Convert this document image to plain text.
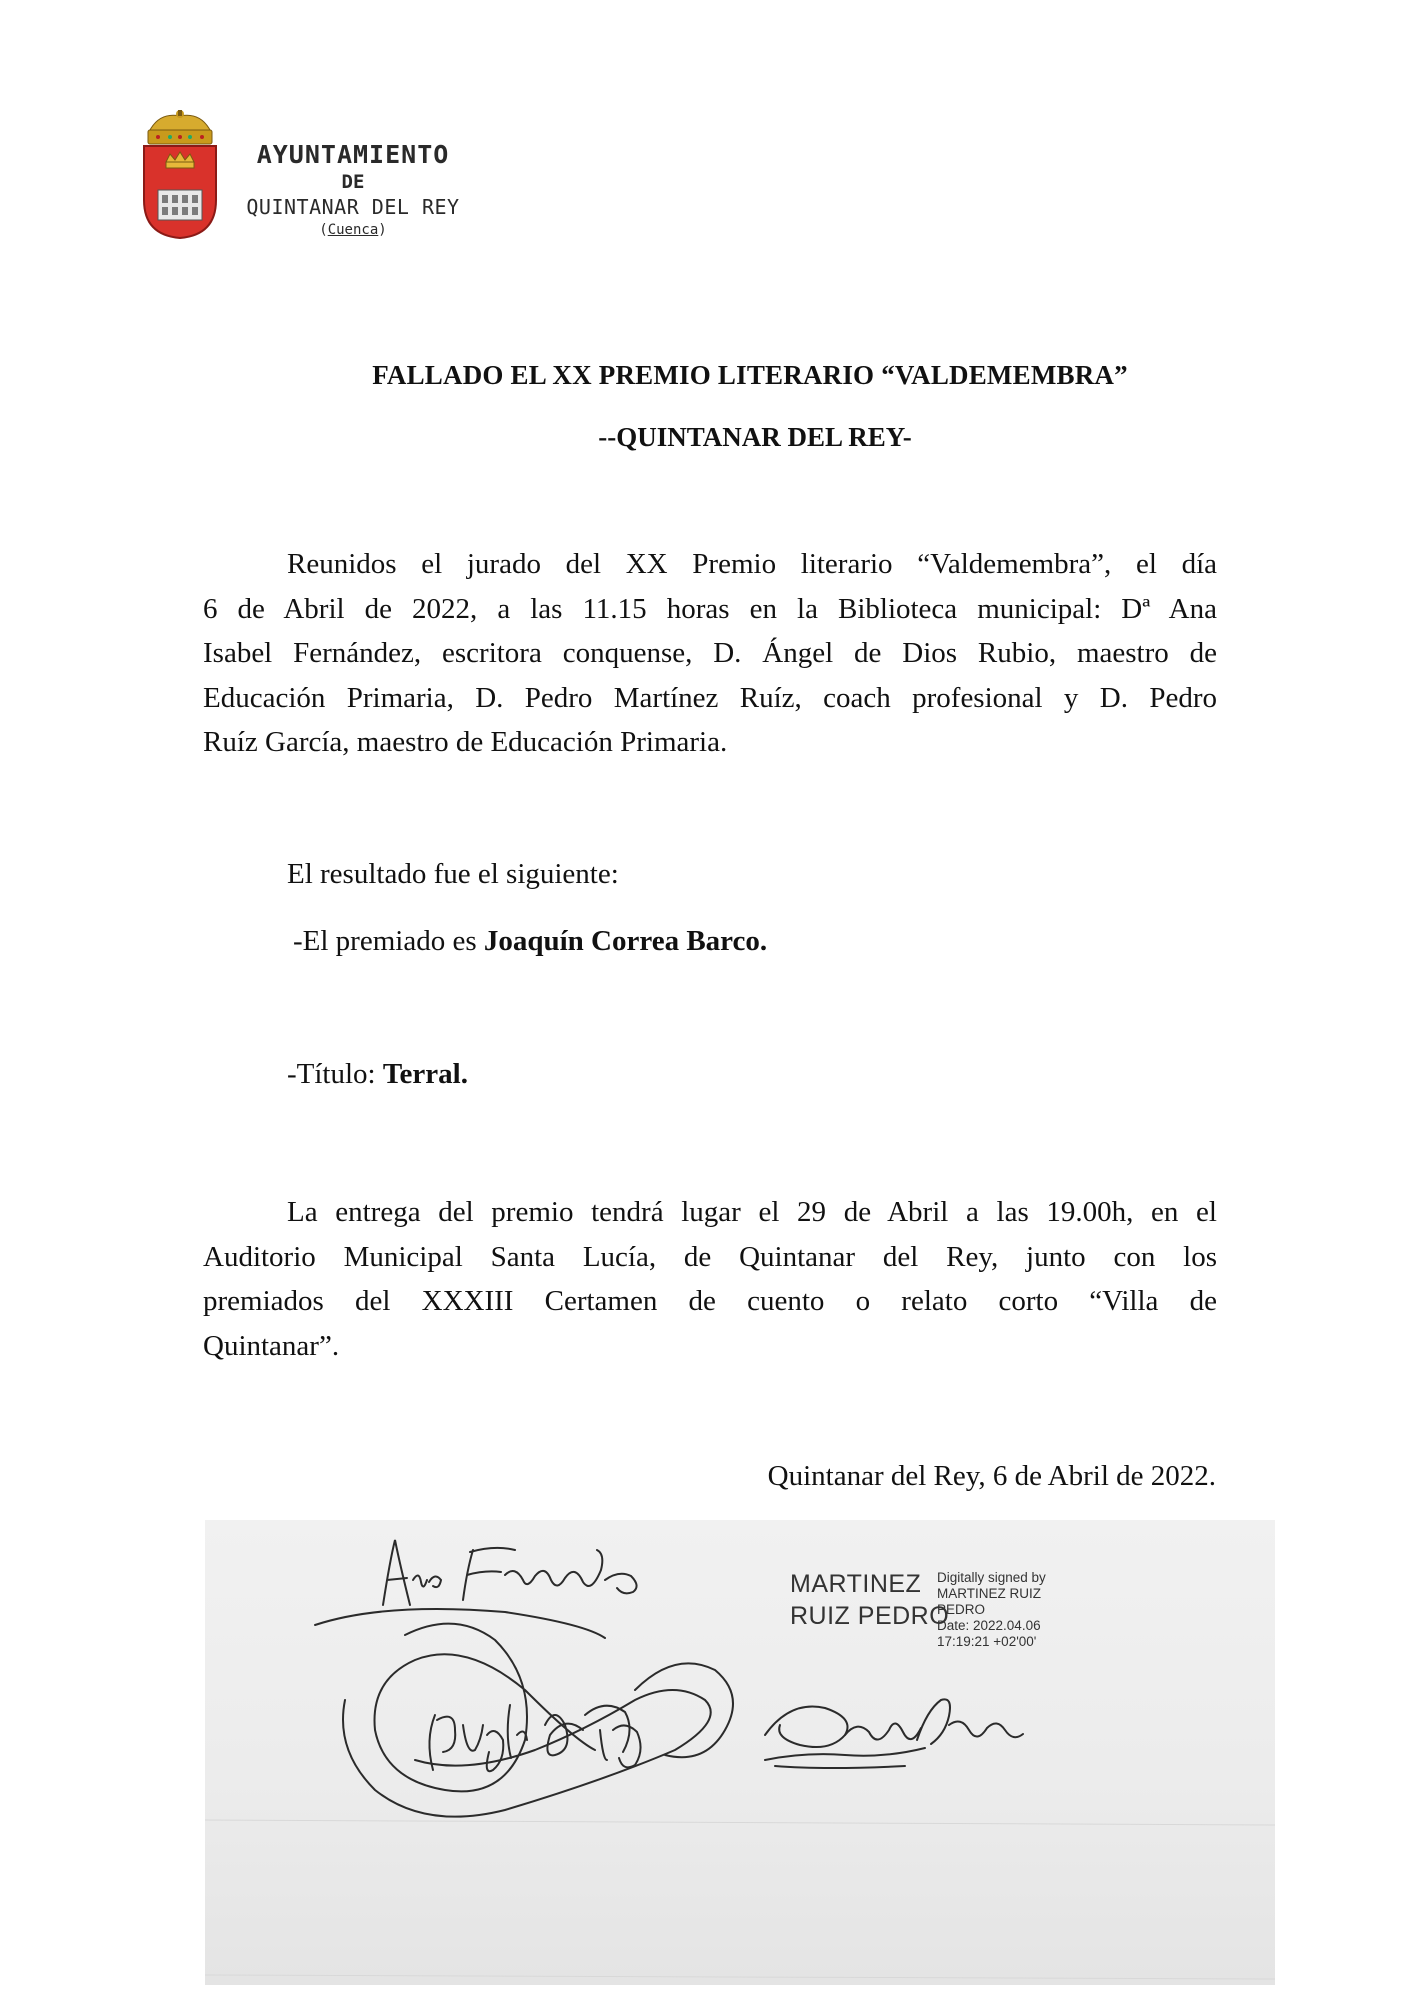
AYUNTAMIENTO
DE
QUINTANAR DEL REY
(Cuenca)
FALLADO EL XX PREMIO LITERARIO “VALDEMEMBRA”
--QUINTANAR DEL REY-
Reunidos el jurado del XX Premio literario “Valdemembra”, el día
6 de Abril de 2022, a las 11.15 horas en la Biblioteca municipal: Dª Ana
Isabel Fernández, escritora conquense, D. Ángel de Dios Rubio, maestro de
Educación Primaria, D. Pedro Martínez Ruíz, coach profesional y D. Pedro
Ruíz García, maestro de Educación Primaria.
El resultado fue el siguiente:
-El premiado es Joaquín Correa Barco.
-Título: Terral.
La entrega del premio tendrá lugar el 29 de Abril a las 19.00h, en el
Auditorio Municipal Santa Lucía, de Quintanar del Rey, junto con los
premiados del XXXIII Certamen de cuento o relato corto “Villa de
Quintanar”.
Quintanar del Rey, 6 de Abril de 2022.
MARTINEZ
RUIZ PEDRO
Digitally signed by
MARTINEZ RUIZ
PEDRO
Date: 2022.04.06
17:19:21 +02'00'
